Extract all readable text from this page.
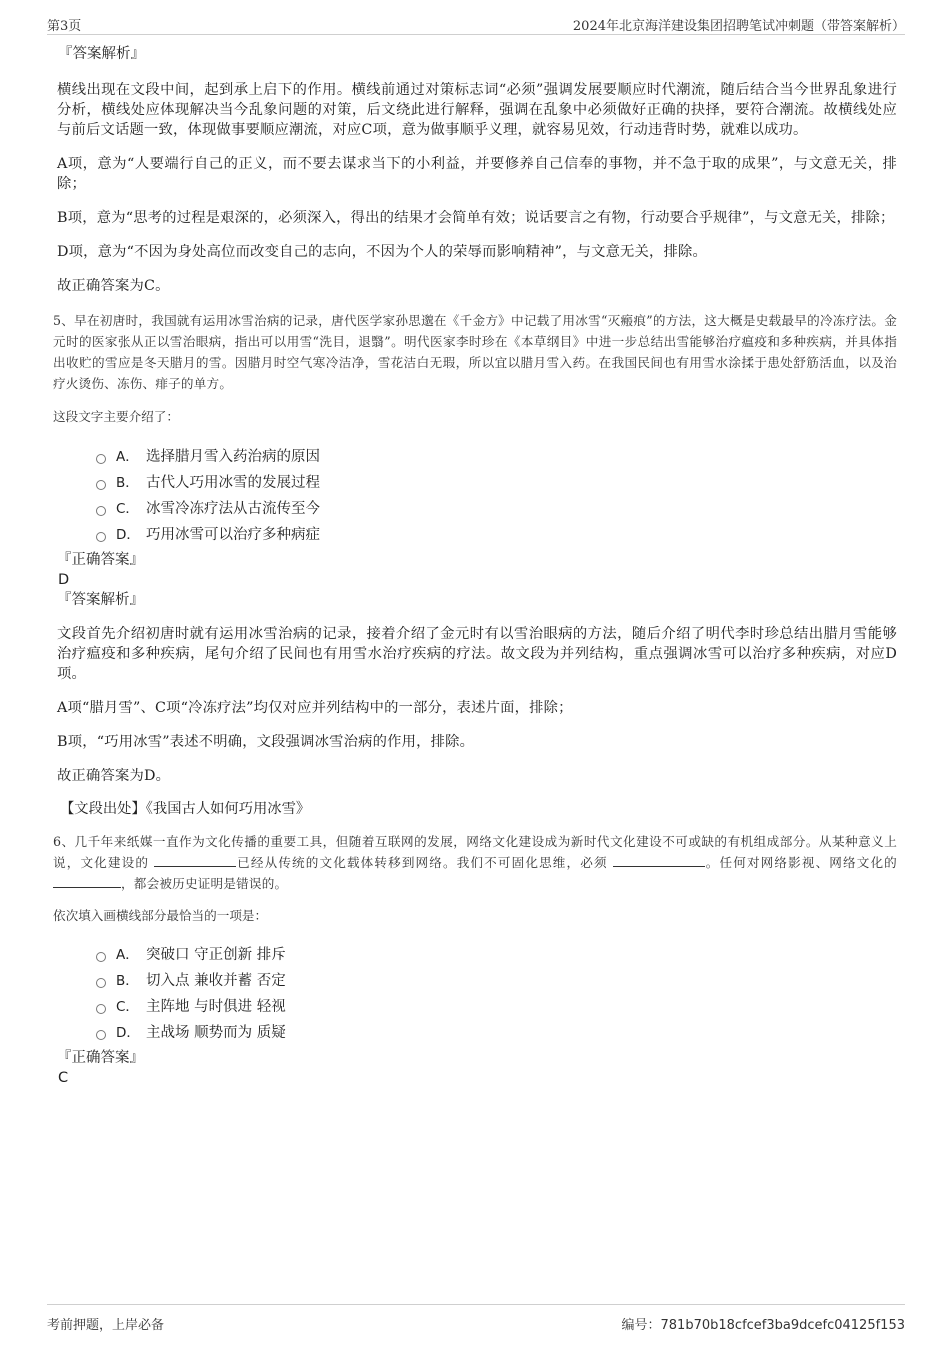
第3页	2024年北京海洋建设集团招聘笔试冲刺题（带答案解析）

『答案解析』

横线出现在文段中间，起到承上启下的作用。横线前通过对策标志词“必须”强调发展要顺应时代潮流，随后结合当今世界乱象进行分析，横线处应体现解决当今乱象问题的对策，后文绕此进行解释，强调在乱象中必须做好正确的抉择，要符合潮流。故横线处应与前后文话题一致，体现做事要顺应潮流，对应C项，意为做事顺乎义理，就容易见效，行动违背时势，就难以成功。

A项，意为“人要端行自己的正义，而不要去谋求当下的小利益，并要修养自己信奉的事物，并不急于取的成果”，与文意无关，排除；

B项，意为“思考的过程是艰深的，必须深入，得出的结果才会简单有效；说话要言之有物，行动要合乎规律”，与文意无关，排除；

D项，意为“不因为身处高位而改变自己的志向，不因为个人的荣辱而影响精神”，与文意无关，排除。

故正确答案为C。

5、早在初唐时，我国就有运用冰雪治病的记录，唐代医学家孙思邈在《千金方》中记载了用冰雪“灭瘢痕”的方法，这大概是史载最早的冷冻疗法。金元时的医家张从正以雪治眼病，指出可以用雪“洗目，退翳”。明代医家李时珍在《本草纲目》中进一步总结出雪能够治疗瘟疫和多种疾病，并具体指出收贮的雪应是冬天腊月的雪。因腊月时空气寒冷洁净，雪花洁白无瑕，所以宜以腊月雪入药。在我国民间也有用雪水涂揉于患处舒筋活血，以及治疗火烫伤、冻伤、痱子的单方。

这段文字主要介绍了：

A． 选择腊月雪入药治病的原因
B． 古代人巧用冰雪的发展过程
C． 冰雪冷冻疗法从古流传至今
D． 巧用冰雪可以治疗多种病症

『正确答案』

D

『答案解析』

文段首先介绍初唐时就有运用冰雪治病的记录，接着介绍了金元时有以雪治眼病的方法，随后介绍了明代李时珍总结出腊月雪能够治疗瘟疫和多种疾病，尾句介绍了民间也有用雪水治疗疾病的疗法。故文段为并列结构，重点强调冰雪可以治疗多种疾病，对应D项。

A项“腊月雪”、C项“冷冻疗法”均仅对应并列结构中的一部分，表述片面，排除；

B项，“巧用冰雪”表述不明确，文段强调冰雪治病的作用，排除。

故正确答案为D。

【文段出处】《我国古人如何巧用冰雪》

6、几千年来纸媒一直作为文化传播的重要工具，但随着互联网的发展，网络文化建设成为新时代文化建设不可或缺的有机组成部分。从某种意义上说，文化建设的	已经从传统的文化载体转移到网络。我们不可固化思维，必须	。任何对网络影视、网络文化的 ，都会被历史证明是错误的。

依次填入画横线部分最恰当的一项是：

A． 突破口 守正创新 排斥
B． 切入点 兼收并蓄 否定
C． 主阵地 与时俱进 轻视
D． 主战场 顺势而为 质疑

『正确答案』

C

考前押题，上岸必备	编号：781b70b18cfcef3ba9dcefc04125f153
